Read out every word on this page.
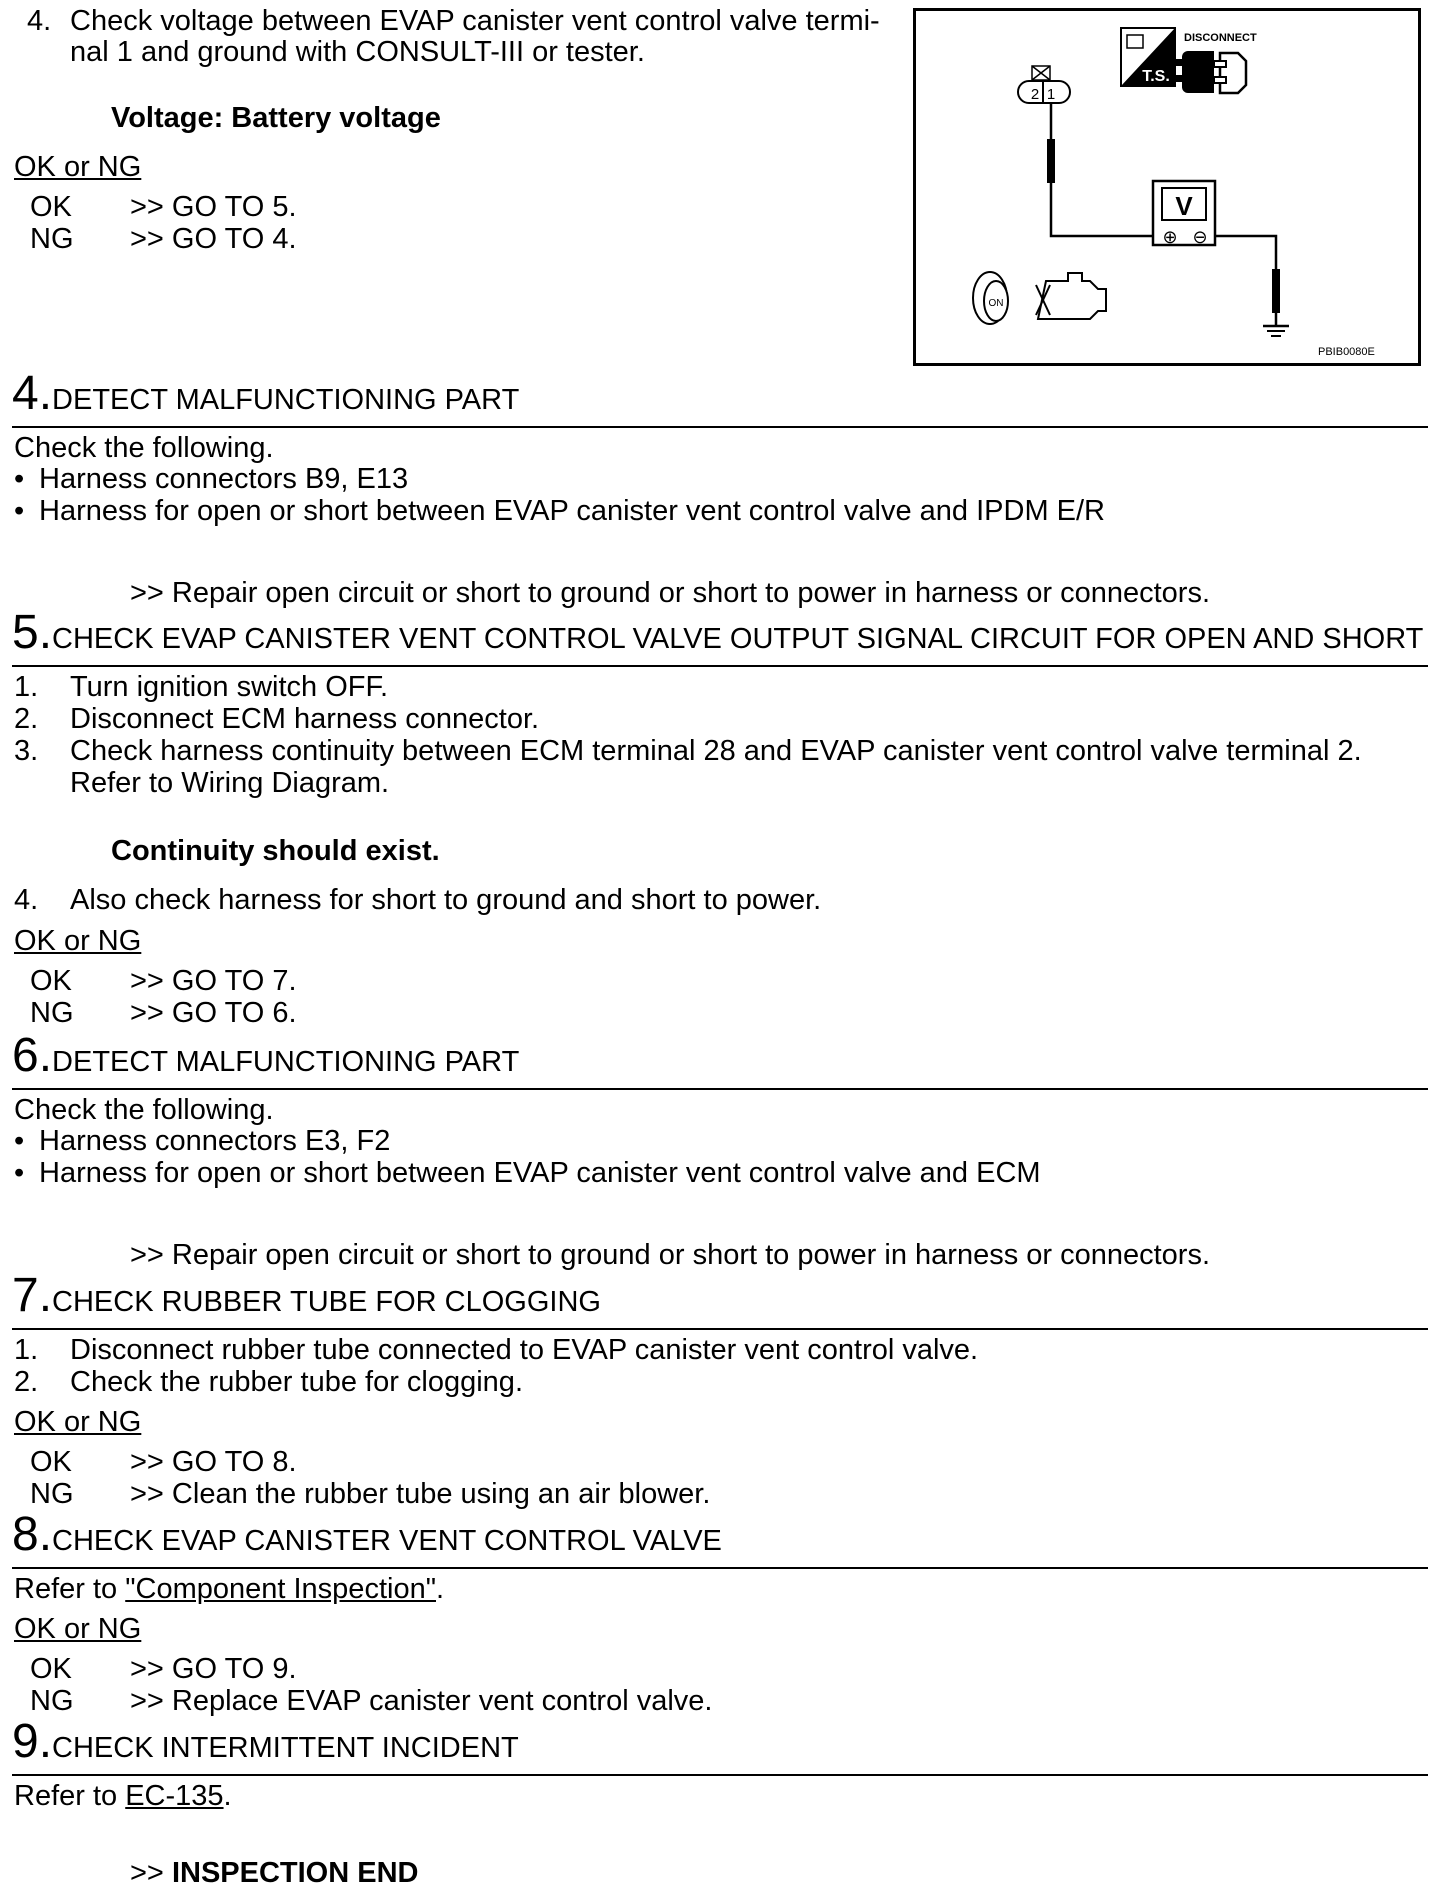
4. Check voltage between EVAP canister vent control valve termi-
nal 1 and ground with CONSULT-III or tester.
Voltage: Battery voltage
OK or NG
OK >> GO TO 5.
NG >> GO TO 4.
T.S.
DISCONNECT
2 1
V
⊕ ⊖
ON
PBIB0080E
4.DETECT MALFUNCTIONING PART
Check the following.
• Harness connectors B9, E13
• Harness for open or short between EVAP canister vent control valve and IPDM E/R
>> Repair open circuit or short to ground or short to power in harness or connectors.
5.CHECK EVAP CANISTER VENT CONTROL VALVE OUTPUT SIGNAL CIRCUIT FOR OPEN AND SHORT
1. Turn ignition switch OFF.
2. Disconnect ECM harness connector.
3. Check harness continuity between ECM terminal 28 and EVAP canister vent control valve terminal 2.
Refer to Wiring Diagram.
Continuity should exist.
4. Also check harness for short to ground and short to power.
OK or NG
OK >> GO TO 7.
NG >> GO TO 6.
6.DETECT MALFUNCTIONING PART
Check the following.
• Harness connectors E3, F2
• Harness for open or short between EVAP canister vent control valve and ECM
>> Repair open circuit or short to ground or short to power in harness or connectors.
7.CHECK RUBBER TUBE FOR CLOGGING
1. Disconnect rubber tube connected to EVAP canister vent control valve.
2. Check the rubber tube for clogging.
OK or NG
OK >> GO TO 8.
NG >> Clean the rubber tube using an air blower.
8.CHECK EVAP CANISTER VENT CONTROL VALVE
Refer to "Component Inspection".
OK or NG
OK >> GO TO 9.
NG >> Replace EVAP canister vent control valve.
9.CHECK INTERMITTENT INCIDENT
Refer to EC-135.
>> INSPECTION END
